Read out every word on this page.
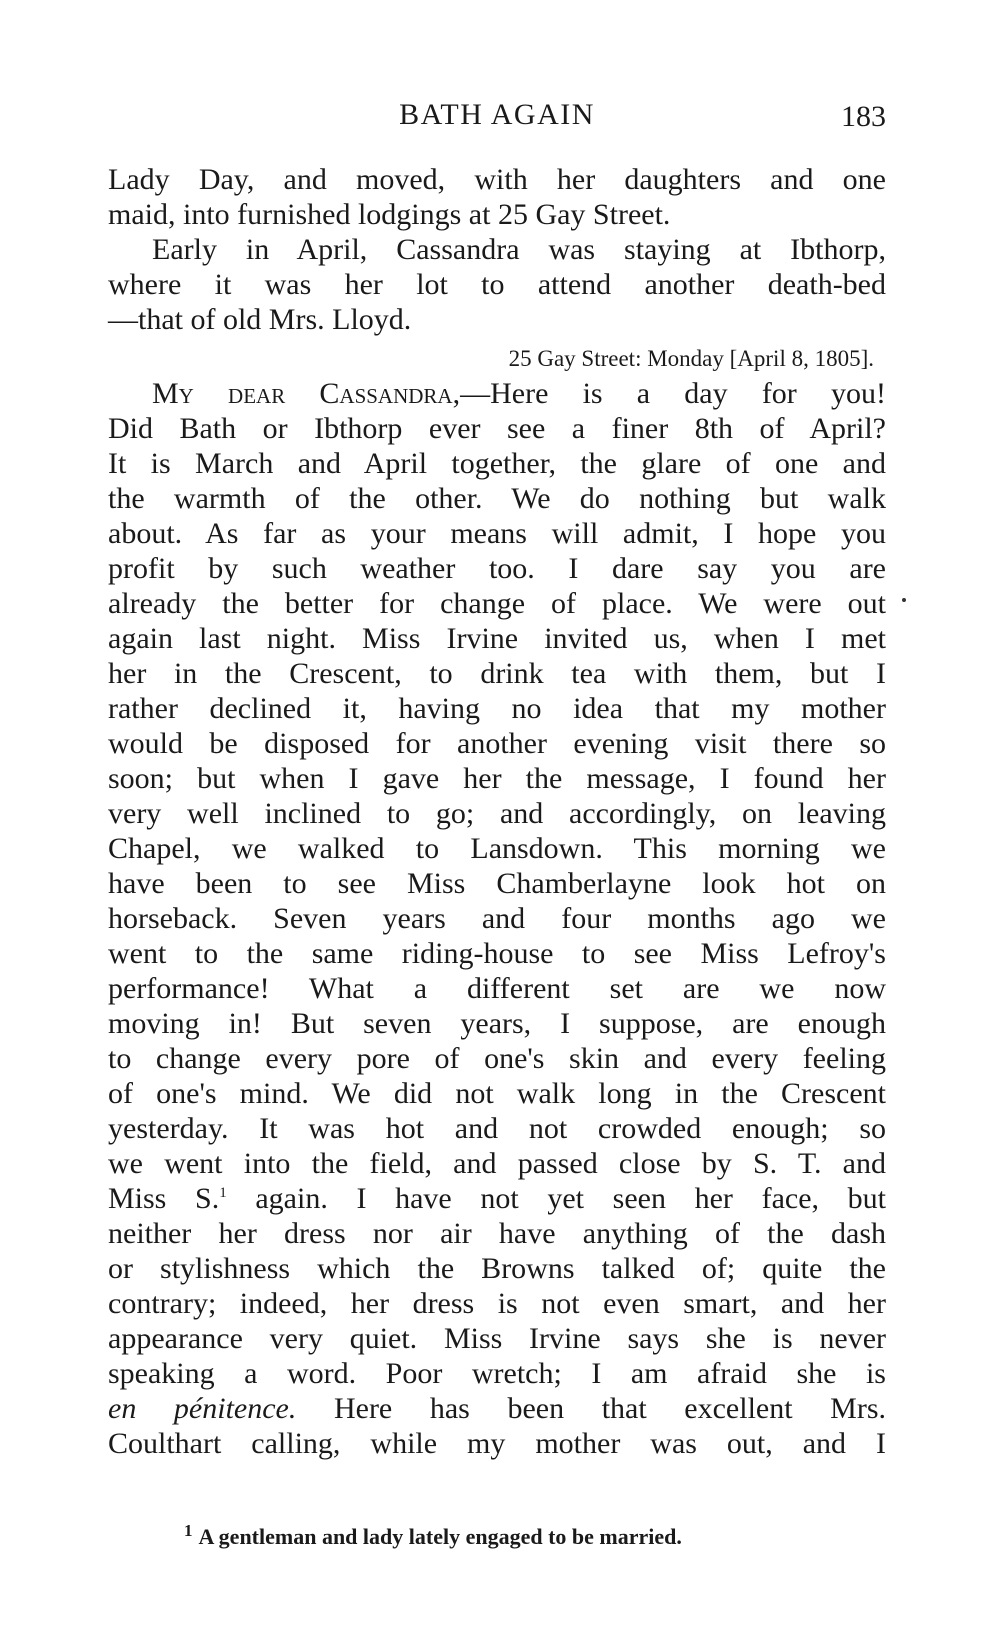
BATH AGAIN	183
Lady Day, and moved, with her daughters and one
maid, into furnished lodgings at 25 Gay Street.
Early in April, Cassandra was staying at Ibthorp,
where it was her lot to attend another death-bed
—that of old Mrs. Lloyd.
25 Gay Street: Monday [April 8, 1805].
My dear Cassandra,—Here is a day for you!
Did Bath or Ibthorp ever see a finer 8th of April?
It is March and April together, the glare of one and
the warmth of the other. We do nothing but walk
about. As far as your means will admit, I hope you
profit by such weather too. I dare say you are
already the better for change of place. We were out
again last night. Miss Irvine invited us, when I met
her in the Crescent, to drink tea with them, but I
rather declined it, having no idea that my mother
would be disposed for another evening visit there so
soon; but when I gave her the message, I found her
very well inclined to go; and accordingly, on leaving
Chapel, we walked to Lansdown. This morning we
have been to see Miss Chamberlayne look hot on
horseback. Seven years and four months ago we
went to the same riding-house to see Miss Lefroy's
performance! What a different set are we now
moving in! But seven years, I suppose, are enough
to change every pore of one's skin and every feeling
of one's mind. We did not walk long in the Crescent
yesterday. It was hot and not crowded enough; so
we went into the field, and passed close by S. T. and
Miss S.$^1$ again. I have not yet seen her face, but
neither her dress nor air have anything of the dash
or stylishness which the Browns talked of; quite the
contrary; indeed, her dress is not even smart, and her
appearance very quiet. Miss Irvine says she is never
speaking a word. Poor wretch; I am afraid she is
en pénitence. Here has been that excellent Mrs.
Coulthart calling, while my mother was out, and I
$^1$ A gentleman and lady lately engaged to be married.
